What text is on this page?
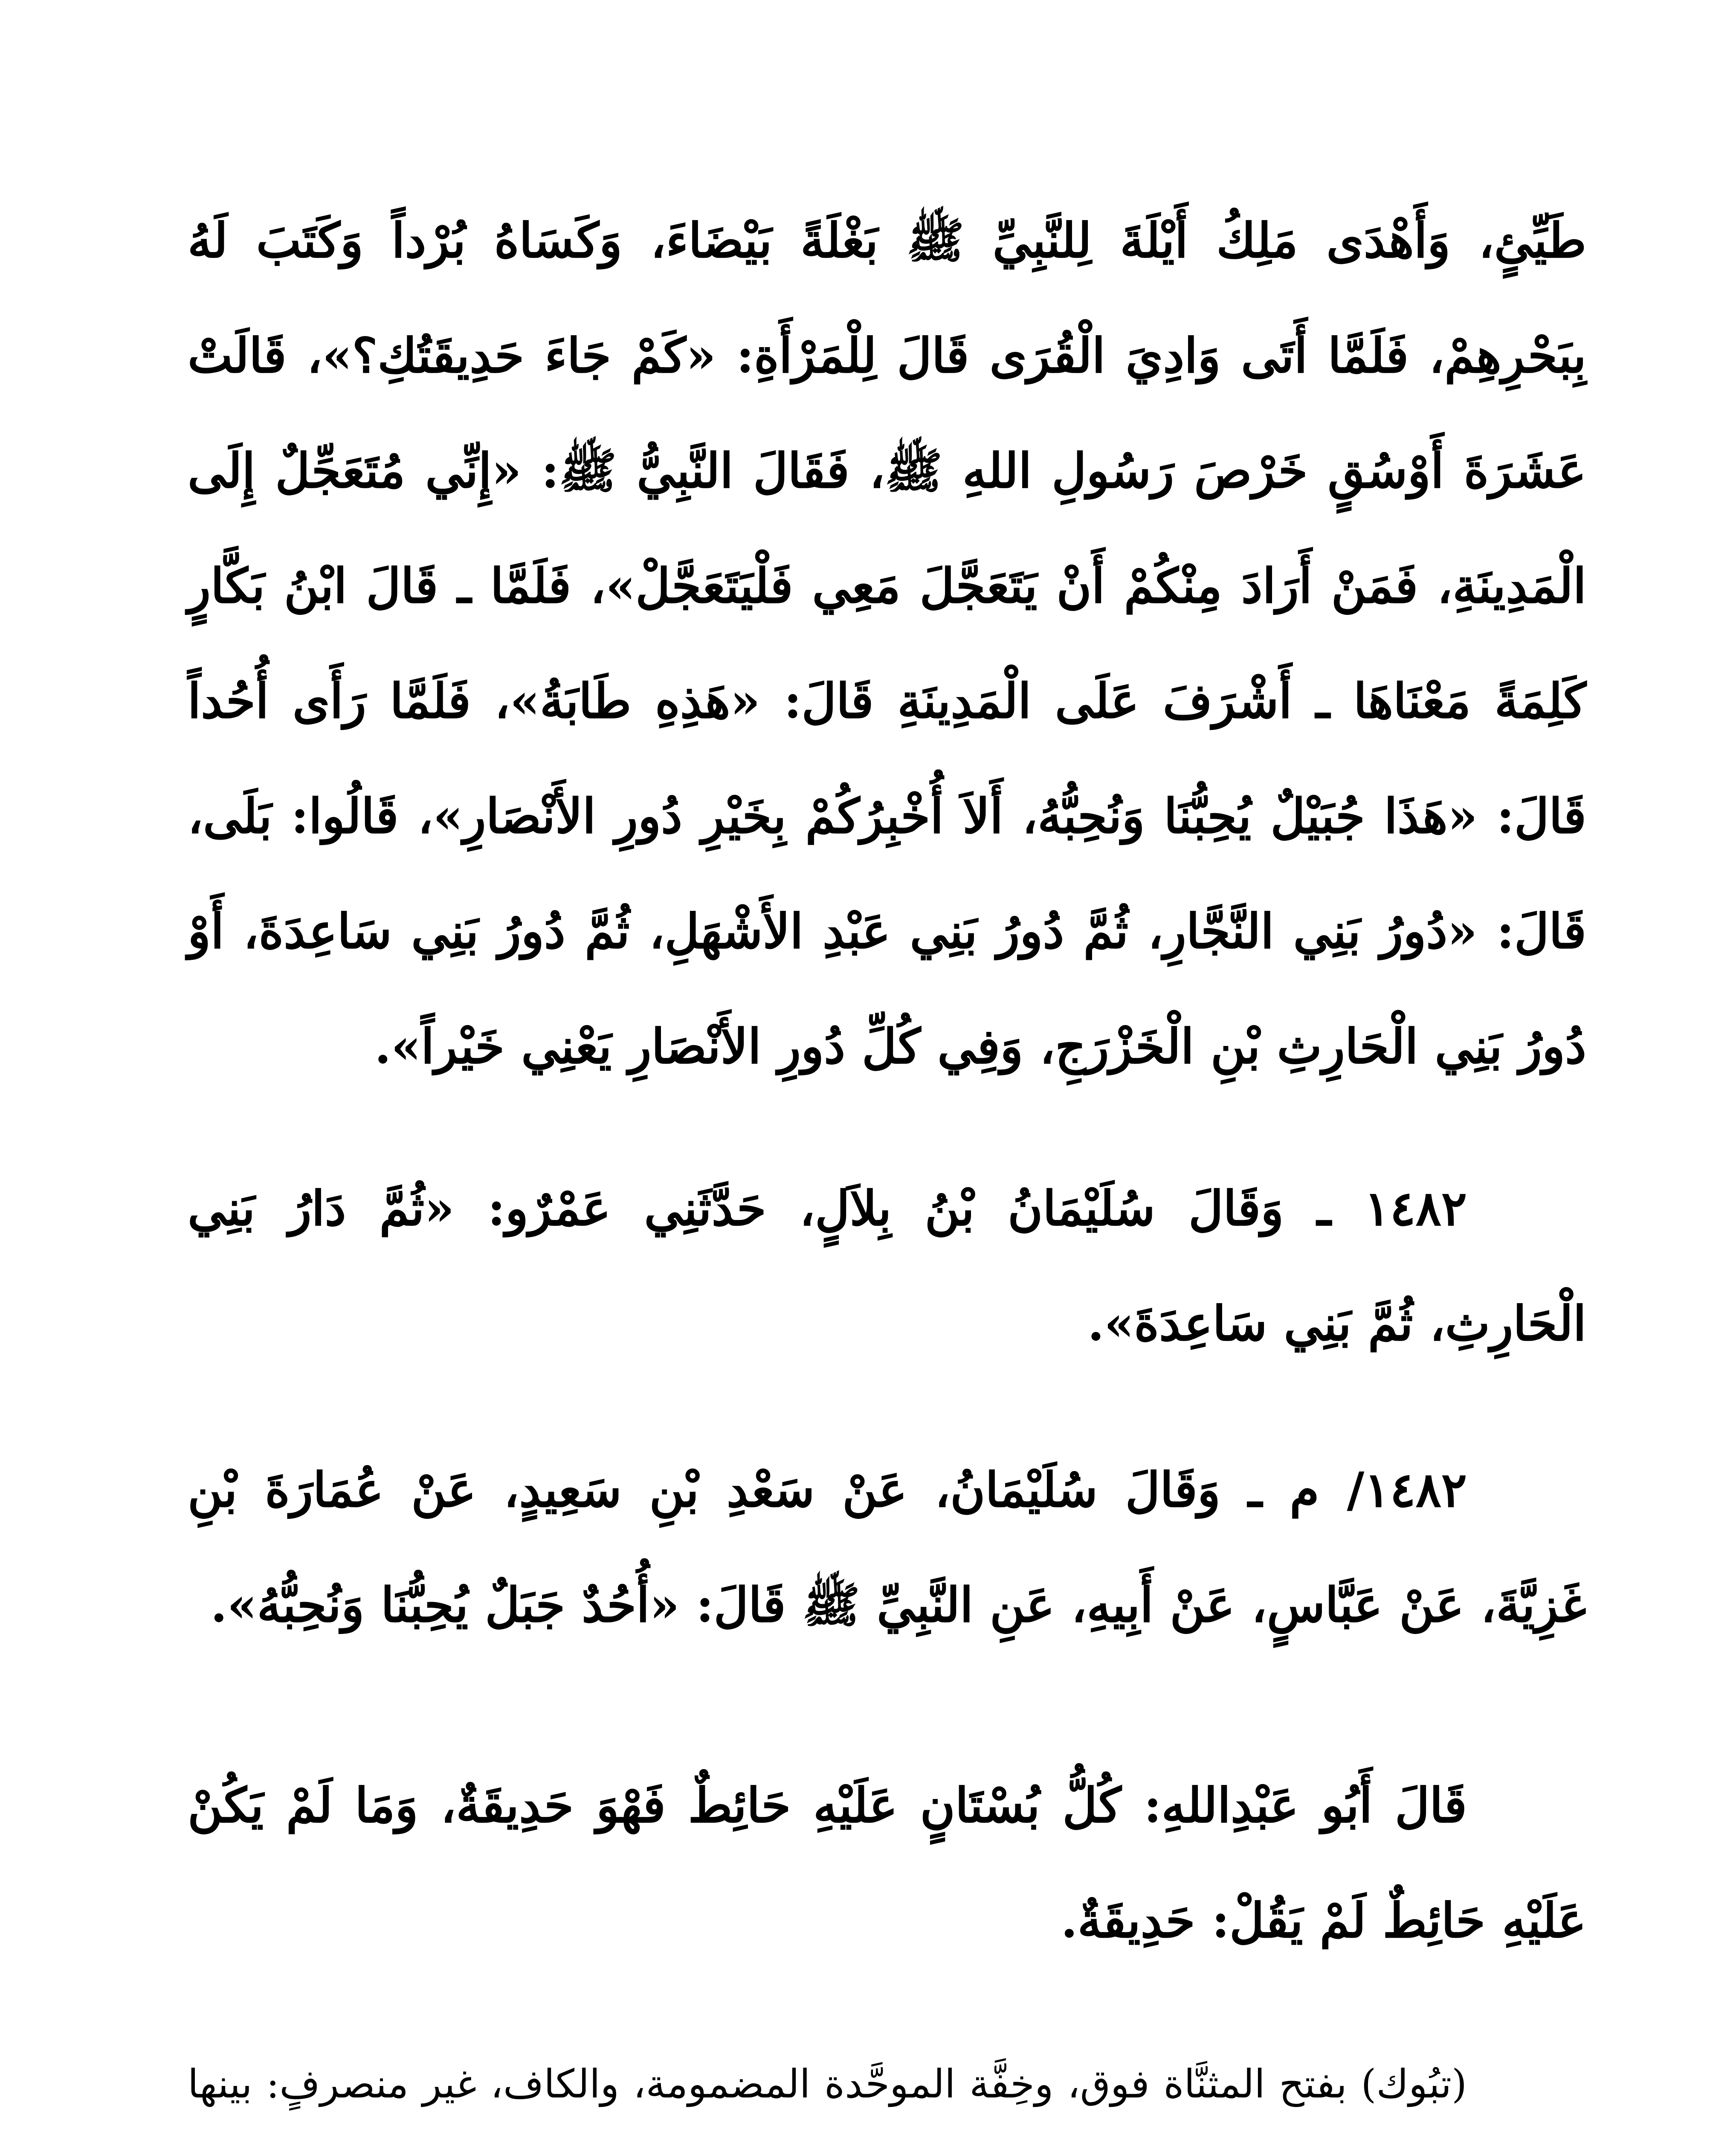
طَيِّئٍ، وَأَهْدَى مَلِكُ أَيْلَةَ لِلنَّبِيِّ ﷺ بَغْلَةً بَيْضَاءَ، وَكَسَاهُ بُرْداً وَكَتَبَ لَهُ بِبَحْرِهِمْ، فَلَمَّا أَتَى وَادِيَ الْقُرَى قَالَ لِلْمَرْأَةِ: «كَمْ جَاءَ حَدِيقَتُكِ؟»، قَالَتْ عَشَرَةَ أَوْسُقٍ خَرْصَ رَسُولِ اللهِ ﷺ، فَقَالَ النَّبِيُّ ﷺ: «إِنِّي مُتَعَجِّلٌ إِلَى الْمَدِينَةِ، فَمَنْ أَرَادَ مِنْكُمْ أَنْ يَتَعَجَّلَ مَعِي فَلْيَتَعَجَّلْ»، فَلَمَّا ـ قَالَ ابْنُ بَكَّارٍ كَلِمَةً مَعْنَاهَا ـ أَشْرَفَ عَلَى الْمَدِينَةِ قَالَ: «هَذِهِ طَابَةُ»، فَلَمَّا رَأَى أُحُداً قَالَ: «هَذَا جُبَيْلٌ يُحِبُّنَا وَنُحِبُّهُ، أَلاَ أُخْبِرُكُمْ بِخَيْرِ دُورِ الأَنْصَارِ»، قَالُوا: بَلَى، قَالَ: «دُورُ بَنِي النَّجَّارِ، ثُمَّ دُورُ بَنِي عَبْدِ الأَشْهَلِ، ثُمَّ دُورُ بَنِي سَاعِدَةَ، أَوْ دُورُ بَنِي الْحَارِثِ بْنِ الْخَزْرَجِ، وَفِي كُلِّ دُورِ الأَنْصَارِ يَعْنِي خَيْراً».

١٤٨٢ ـ وَقَالَ سُلَيْمَانُ بْنُ بِلاَلٍ، حَدَّثَنِي عَمْرٌو: «ثُمَّ دَارُ بَنِي الْحَارِثِ، ثُمَّ بَنِي سَاعِدَةَ».

١٤٨٢/ م ـ وَقَالَ سُلَيْمَانُ، عَنْ سَعْدِ بْنِ سَعِيدٍ، عَنْ عُمَارَةَ بْنِ غَزِيَّةَ، عَنْ عَبَّاسٍ، عَنْ أَبِيهِ، عَنِ النَّبِيِّ ﷺ قَالَ: «أُحُدٌ جَبَلٌ يُحِبُّنَا وَنُحِبُّهُ».

قَالَ أَبُو عَبْدِاللهِ: كُلُّ بُسْتَانٍ عَلَيْهِ حَائِطٌ فَهْوَ حَدِيقَةٌ، وَمَا لَمْ يَكُنْ عَلَيْهِ حَائِطٌ لَمْ يَقُلْ: حَدِيقَةٌ.

(تبُوك) بفتح المثنَّاة فوق، وخِفَّة الموحَّدة المضمومة، والكاف، غير منصرفٍ: بينها
